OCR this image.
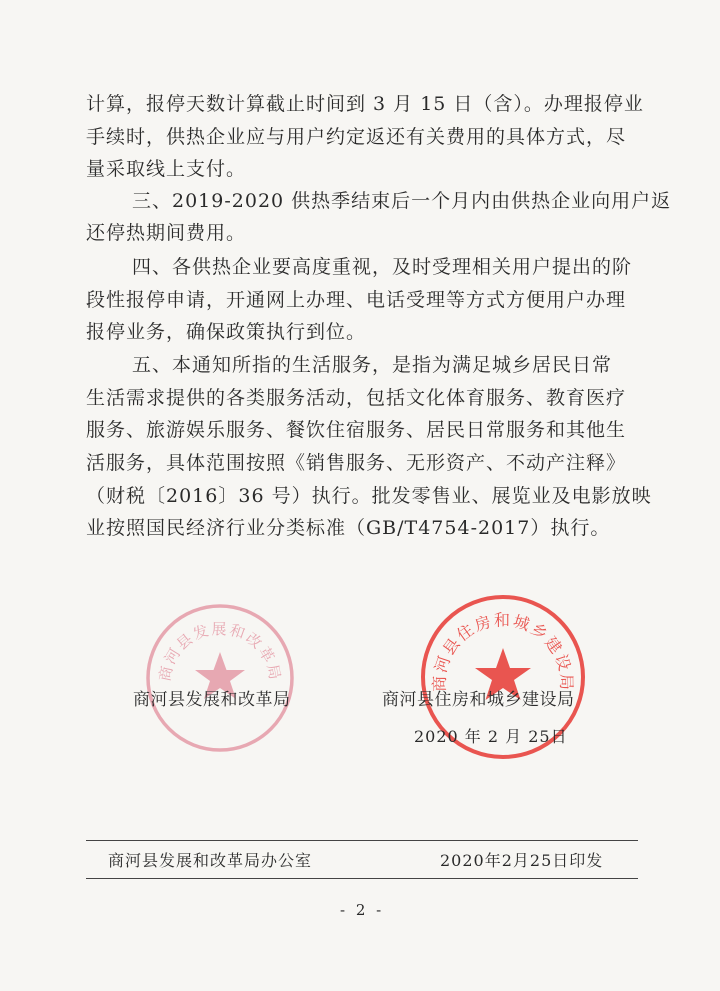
计算，报停天数计算截止时间到 3 月 15 日（含）。办理报停业
手续时，供热企业应与用户约定返还有关费用的具体方式，尽
量采取线上支付。
三、2019-2020 供热季结束后一个月内由供热企业向用户返
还停热期间费用。
四、各供热企业要高度重视，及时受理相关用户提出的阶
段性报停申请，开通网上办理、电话受理等方式方便用户办理
报停业务，确保政策执行到位。
五、本通知所指的生活服务，是指为满足城乡居民日常
生活需求提供的各类服务活动，包括文化体育服务、教育医疗
服务、旅游娱乐服务、餐饮住宿服务、居民日常服务和其他生
活服务，具体范围按照《销售服务、无形资产、不动产注释》
（财税〔2016〕36 号）执行。批发零售业、展览业及电影放映
业按照国民经济行业分类标准（GB/T4754-2017）执行。
商河县发展和改革局	商河县住房和城乡建设局
商河县发展和改革局	商河县住房和城乡建设局
2020 年 2 月 25日
商河县发展和改革局办公室	2020年2月25日印发
- 2 -
